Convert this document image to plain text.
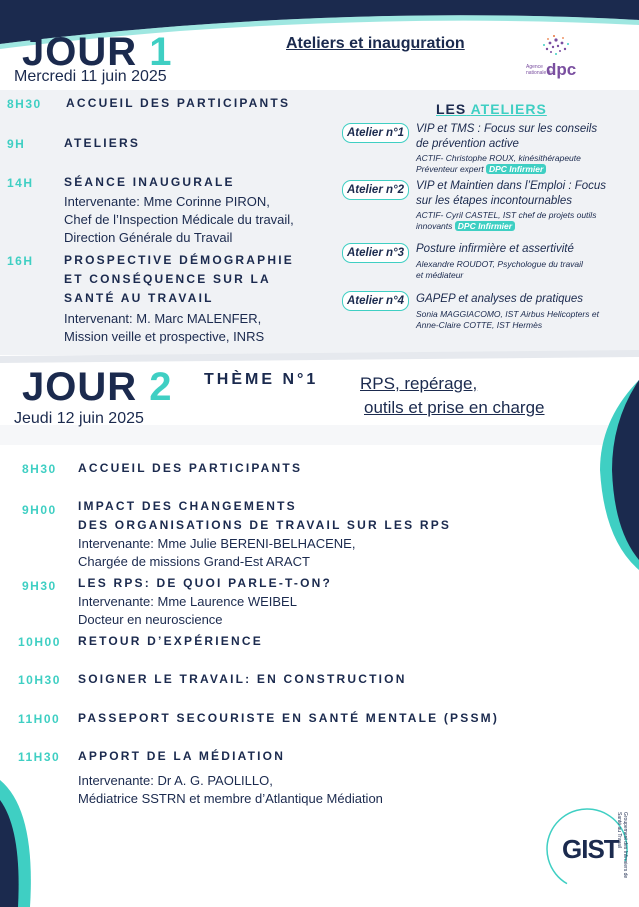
JOUR 1
Mercredi 11 juin 2025
Ateliers et inauguration
Agence
nationale du
dpc
8H30 ACCUEIL DES PARTICIPANTS
9H	ATELIERS
14H	SÉANCE INAUGURALE
Intervenante: Mme Corinne PIRON,
Chef de l’Inspection Médicale du travail,
Direction Générale du Travail
16H	PROSPECTIVE DÉMOGRAPHIE
ET CONSÉQUENCE SUR LA
SANTÉ AU TRAVAIL
Intervenant: M. Marc MALENFER,
Mission veille et prospective, INRS
LES ATELIERS
Atelier n°1	VIP et TMS : Focus sur les conseils
de prévention active
ACTIF- Christophe ROUX, kinésithérapeute
Préventeur expert DPC Infirmier
Atelier n°2	VIP et Maintien dans l’Emploi : Focus
sur les étapes incontournables
ACTIF- Cyril CASTEL, IST chef de projets outils
innovants DPC Infirmier
Atelier n°3	Posture infirmière et assertivité
Alexandre ROUDOT, Psychologue du travail
et médiateur
Atelier n°4	GAPEP et analyses de pratiques
Sonia MAGGIACOMO, IST Airbus Helicopters et
Anne-Claire COTTE, IST Hermès
JOUR 2
Jeudi 12 juin 2025
THÈME N°1 RPS, repérage,
outils et prise en charge
8H30 ACCUEIL DES PARTICIPANTS
9H00 IMPACT DES CHANGEMENTS
DES ORGANISATIONS DE TRAVAIL SUR LES RPS
Intervenante: Mme Julie BERENI-BELHACENE,
Chargée de missions Grand-Est ARACT
9H30 LES RPS: DE QUOI PARLE-T-ON?
Intervenante: Mme Laurence WEIBEL
Docteur en neuroscience
10H00 RETOUR D’EXPÉRIENCE
10H30 SOIGNER LE TRAVAIL: EN CONSTRUCTION
11H00 PASSEPORT SECOURISTE EN SANTÉ MENTALE (PSSM)
11H30 APPORT DE LA MÉDIATION
Intervenante: Dr A. G. PAOLILLO,
Médiatrice SSTRN et membre d’Atlantique Médiation
GIST Groupement des Infirmiers de Santé au Travail
